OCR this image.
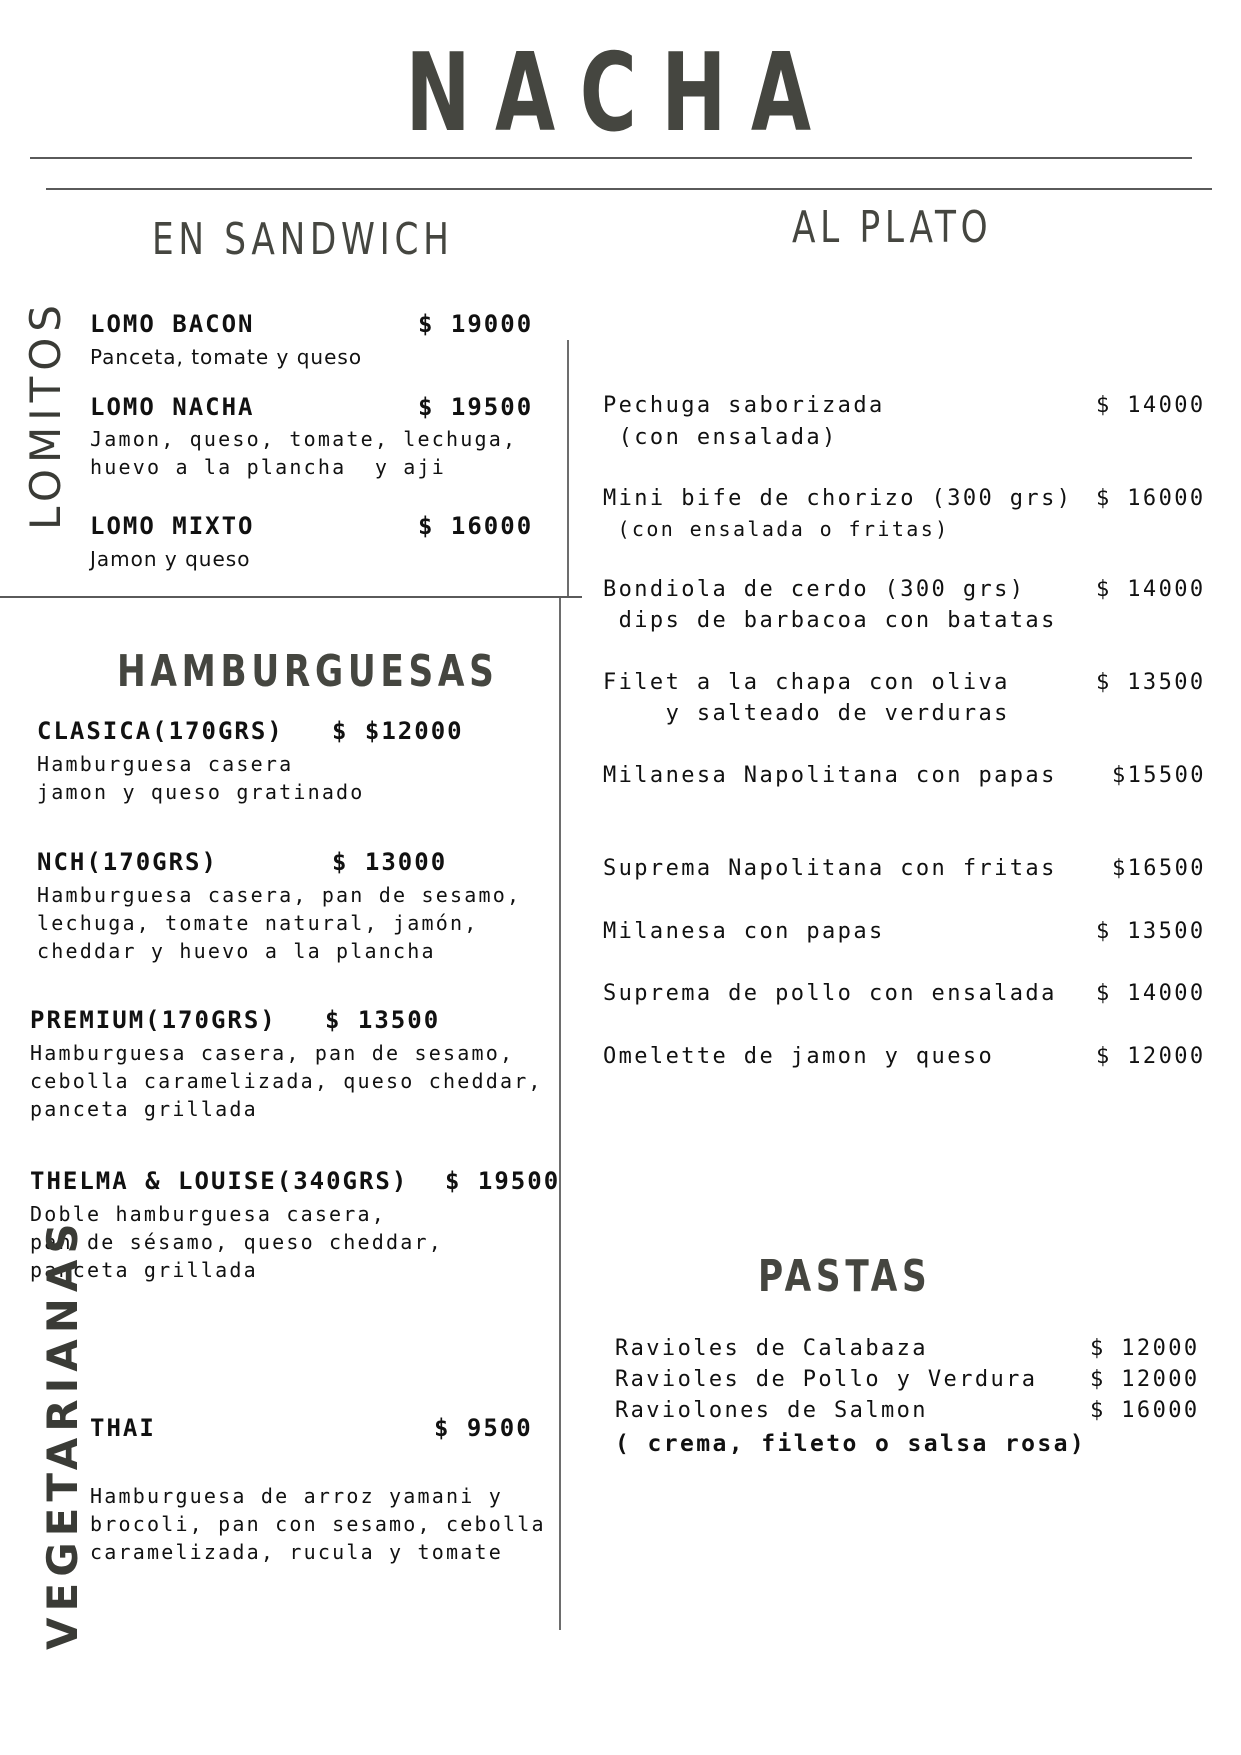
NACHA
EN SANDWICH	AL PLATO
LOMITOS LOMO BACON	$ 19000
Panceta, tomate y queso
LOMO NACHA	$ 19500
Jamon, queso, tomate, lechuga,
huevo a la plancha  y aji
LOMO MIXTO	$ 16000
Jamon y queso
HAMBURGUESAS
CLASICA(170GRS) $ $12000
Hamburguesa casera
jamon y queso gratinado
NCH(170GRS)	$ 13000
Hamburguesa casera, pan de sesamo,
lechuga, tomate natural, jamón,
cheddar y huevo a la plancha
PREMIUM(170GRS) $ 13500
Hamburguesa casera, pan de sesamo,
cebolla caramelizada, queso cheddar,
panceta grillada
THELMA & LOUISE(340GRS) $ 19500
Doble hamburguesa casera,
pan de sésamo, queso cheddar,
panceta grillada
VEGETARIANAS THAI	$ 9500
Hamburguesa de arroz yamani y
brocoli, pan con sesamo, cebolla
caramelizada, rucula y tomate
Pechuga saborizada	$ 14000
(con ensalada)
Mini bife de chorizo (300 grs) $ 16000
(con ensalada o fritas)
Bondiola de cerdo (300 grs)	$ 14000
dips de barbacoa con batatas
Filet a la chapa con oliva	$ 13500
y salteado de verduras
Milanesa Napolitana con papas	$15500
Suprema Napolitana con fritas	$16500
Milanesa con papas	$ 13500
Suprema de pollo con ensalada $ 14000
Omelette de jamon y queso	$ 12000
PASTAS
Ravioles de Calabaza	$ 12000
Ravioles de Pollo y Verdura $ 12000
Raviolones de Salmon	$ 16000
( crema, fileto o salsa rosa)
